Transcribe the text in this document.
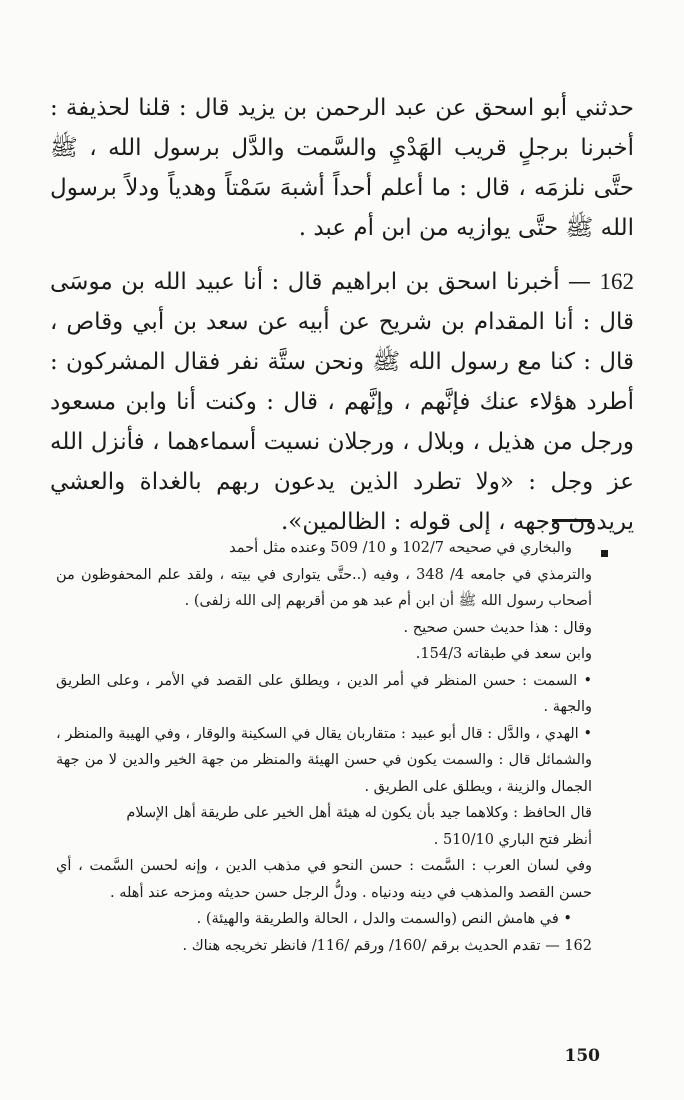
حدثني أبو اسحق عن عبد الرحمن بن يزيد قال : قلنا لحذيفة : أخبرنا برجلٍ قريب الهَدْيِ والسَّمت والدَّل برسول الله ، ﷺ حتَّى نلزمَه ، قال : ما أعلم أحداً أشبهَ سَمْتاً وهدياً ودلاً برسول الله ﷺ حتَّى يوازيه من ابن أم عبد .

162 — أخبرنا اسحق بن ابراهيم قال : أنا عبيد الله بن موسَى قال : أنا المقدام بن شريح عن أبيه عن سعد بن أبي وقاص ، قال : كنا مع رسول الله ﷺ ونحن ستَّة نفر فقال المشركون : أطرد هؤلاء عنك فإنَّهم ، وإنَّهم ، قال : وكنت أنا وابن مسعود ورجل من هذيل ، وبلال ، ورجلان نسيت أسماءهما ، فأنزل الله عز وجل : «ولا تطرد الذين يدعون ربهم بالغداة والعشي يريدون وجهه ، إلى قوله : الظالمين».

والبخاري في صحيحه 102/7 و 10/ 509 وعنده مثل أحمد

والترمذي في جامعه 4/ 348 ، وفيه (..حتَّى يتوارى في بيته ، ولقد علم المحفوظون من أصحاب رسول الله ﷺ أن ابن أم عبد هو من أقربهم إلى الله زلفى) .

وقال : هذا حديث حسن صحيح .

وابن سعد في طبقاته 154/3.

• السمت : حسن المنظر في أمر الدين ، ويطلق على القصد في الأمر ، وعلى الطريق والجهة .

• الهدي ، والدَّل : قال أبو عبيد : متقاربان يقال في السكينة والوقار ، وفي الهيبة والمنظر ، والشمائل قال : والسمت يكون في حسن الهيئة والمنظر من جهة الخير والدين لا من جهة الجمال والزينة ، ويطلق على الطريق .

قال الحافظ : وكلاهما جيد بأن يكون له هيئة أهل الخير على طريقة أهل الإسلام

أنظر فتح الباري 510/10 .

وفي لسان العرب : السَّمت : حسن النحو في مذهب الدين ، وإنه لحسن السَّمت ، أي حسن القصد والمذهب في دينه ودنياه . ودلُّ الرجل حسن حديثه ومزحه عند أهله .

• في هامش النص (والسمت والدل ، الحالة والطريقة والهيئة) .

162 — تقدم الحديث برقم /160/ ورقم /116/ فانظر تخريجه هناك .

150
